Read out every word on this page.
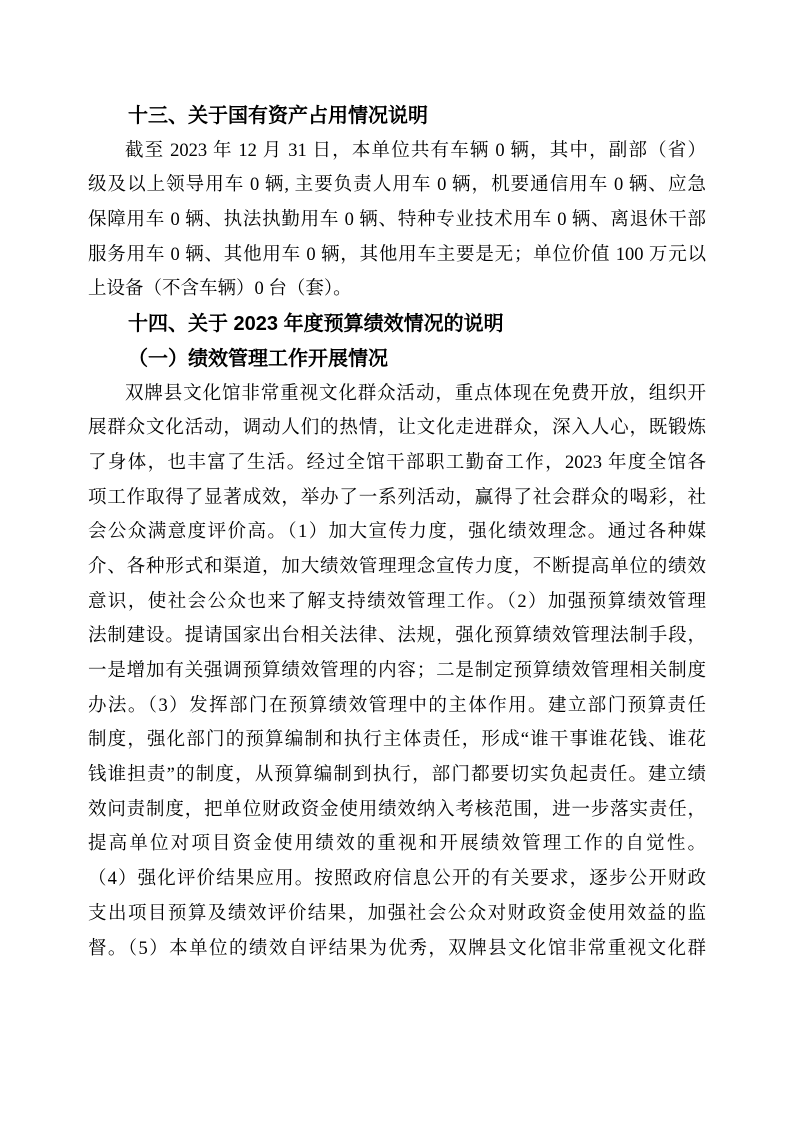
十三、关于国有资产占用情况说明
截至 2023 年 12 月 31 日，本单位共有车辆 0 辆，其中，副部（省）
级及以上领导用车 0 辆, 主要负责人用车 0 辆，机要通信用车 0 辆、应急
保障用车 0 辆、执法执勤用车 0 辆、特种专业技术用车 0 辆、离退休干部
服务用车 0 辆、其他用车 0 辆，其他用车主要是无；单位价值 100 万元以
上设备（不含车辆）0 台（套）。
十四、关于 2023 年度预算绩效情况的说明
（一）绩效管理工作开展情况
双牌县文化馆非常重视文化群众活动，重点体现在免费开放，组织开
展群众文化活动，调动人们的热情，让文化走进群众，深入人心，既锻炼
了身体，也丰富了生活。经过全馆干部职工勤奋工作，2023 年度全馆各
项工作取得了显著成效，举办了一系列活动，赢得了社会群众的喝彩，社
会公众满意度评价高。（1）加大宣传力度，强化绩效理念。通过各种媒
介、各种形式和渠道，加大绩效管理理念宣传力度，不断提高单位的绩效
意识，使社会公众也来了解支持绩效管理工作。（2）加强预算绩效管理
法制建设。提请国家出台相关法律、法规，强化预算绩效管理法制手段，
一是增加有关强调预算绩效管理的内容；二是制定预算绩效管理相关制度
办法。（3）发挥部门在预算绩效管理中的主体作用。建立部门预算责任
制度，强化部门的预算编制和执行主体责任，形成“谁干事谁花钱、谁花
钱谁担责”的制度，从预算编制到执行，部门都要切实负起责任。建立绩
效问责制度，把单位财政资金使用绩效纳入考核范围，进一步落实责任，
提高单位对项目资金使用绩效的重视和开展绩效管理工作的自觉性。
（4）强化评价结果应用。按照政府信息公开的有关要求，逐步公开财政
支出项目预算及绩效评价结果，加强社会公众对财政资金使用效益的监
督。（5）本单位的绩效自评结果为优秀，双牌县文化馆非常重视文化群
